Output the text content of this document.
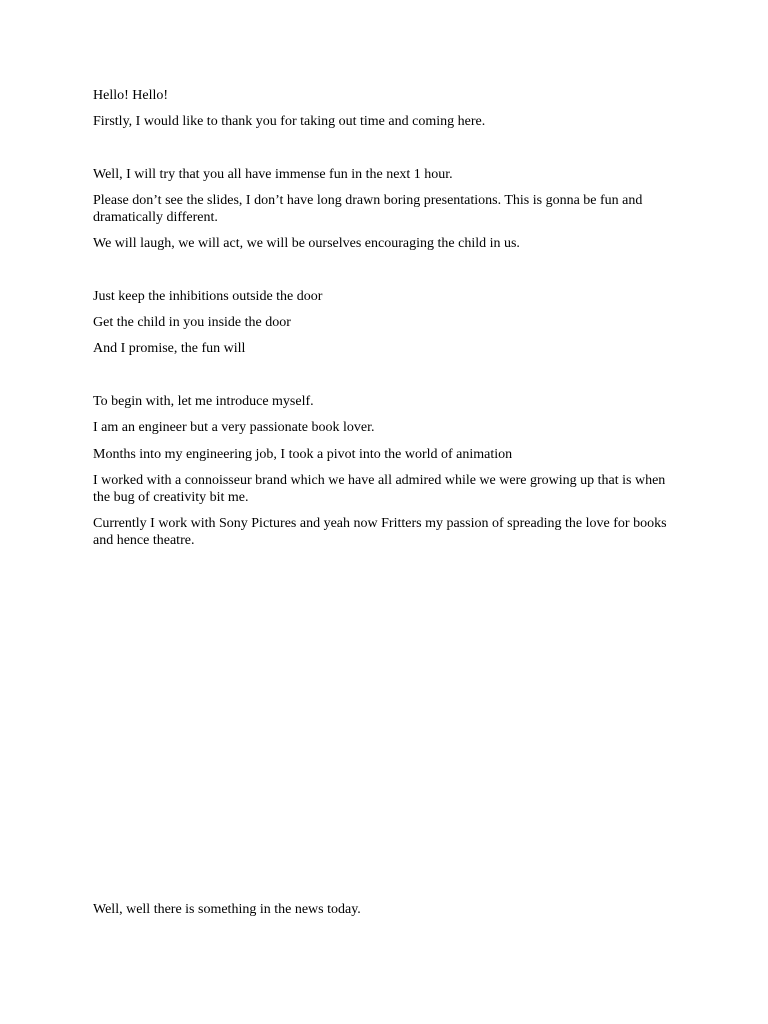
Hello! Hello!

Firstly, I would like to thank you for taking out time and coming here.

Well, I will try that you all have immense fun in the next 1 hour.

Please don’t see the slides, I don’t have long drawn boring presentations. This is gonna be fun and dramatically different.

We will laugh, we will act, we will be ourselves encouraging the child in us.

Just keep the inhibitions outside the door

Get the child in you inside the door

And I promise, the fun will

To begin with, let me introduce myself.

I am an engineer but a very passionate book lover.

Months into my engineering job, I took a pivot into the world of animation

I worked with a connoisseur brand which we have all admired while we were growing up that is when the bug of creativity bit me.

Currently I work with Sony Pictures and yeah now Fritters my passion of spreading the love for books and hence theatre.

Well, well there is something in the news today.
